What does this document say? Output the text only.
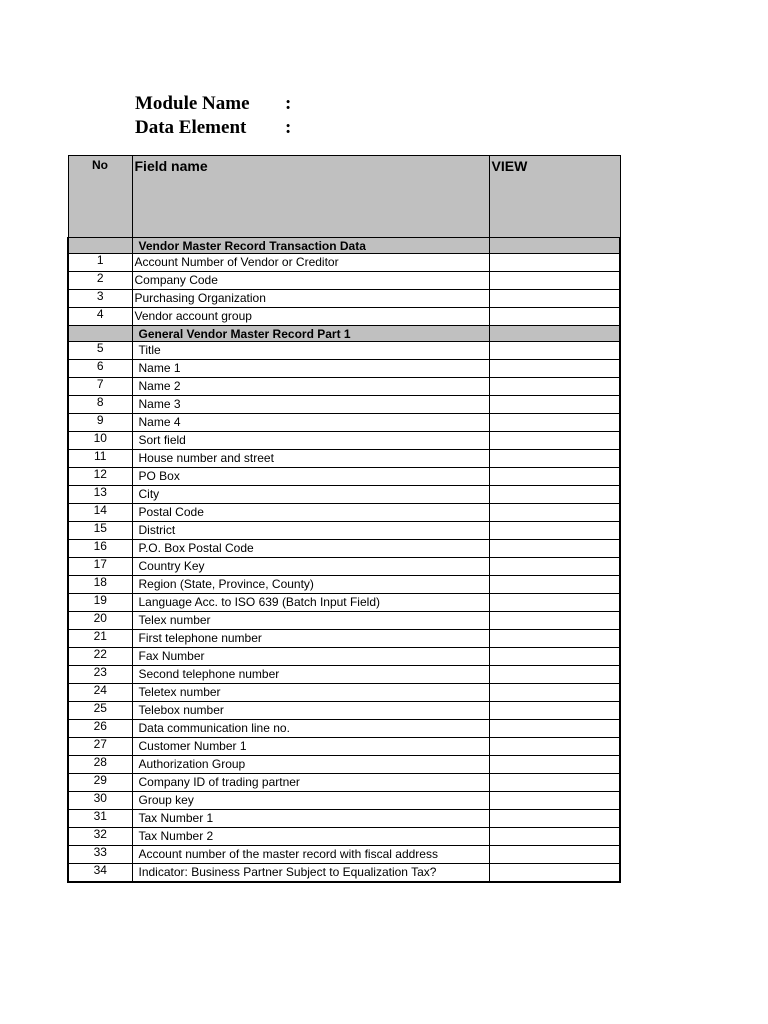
Module Name :
Data Element :
No	Field name	VIEW
	Vendor Master Record Transaction Data	
1	Account Number of Vendor or Creditor	
2	Company Code	
3	Purchasing Organization	
4	Vendor account group	
	General Vendor Master Record Part 1	
5	Title	
6	Name 1	
7	Name 2	
8	Name 3	
9	Name 4	
10	Sort field	
11	House number and street	
12	PO Box	
13	City	
14	Postal Code	
15	District	
16	P.O. Box Postal Code	
17	Country Key	
18	Region (State, Province, County)	
19	Language Acc. to ISO 639 (Batch Input Field)	
20	Telex number	
21	First telephone number	
22	Fax Number	
23	Second telephone number	
24	Teletex number	
25	Telebox number	
26	Data communication line no.	
27	Customer Number 1	
28	Authorization Group	
29	Company ID of trading partner	
30	Group key	
31	Tax Number 1	
32	Tax Number 2	
33	Account number of the master record with fiscal address	
34	Indicator: Business Partner Subject to Equalization Tax?	
